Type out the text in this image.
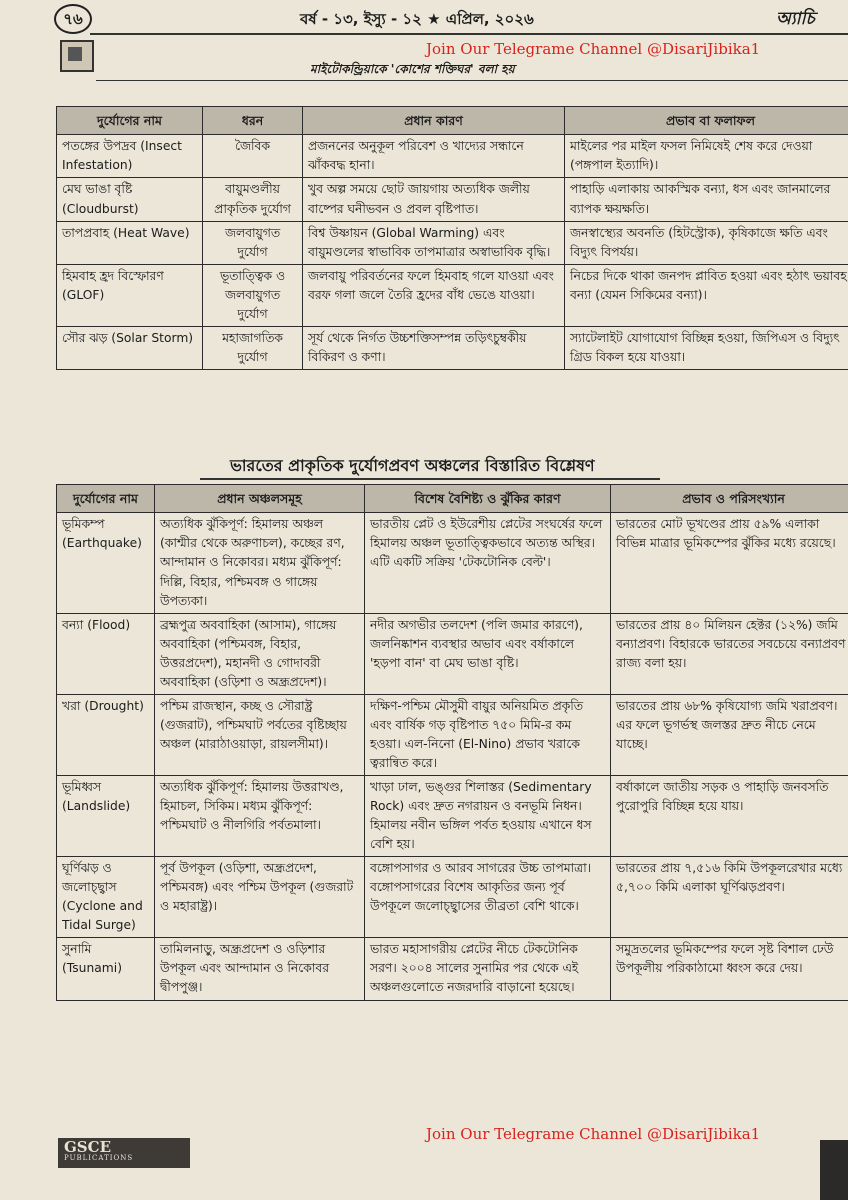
৭৬	বর্ষ - ১৩, ইস্যু - ১২ ★ এপ্রিল, ২০২৬	অ্যাচি
Join Our Telegrame Channel @DisariJibika1
মাইটোকন্ড্রিয়াকে 'কোশের শক্তিঘর' বলা হয়
দুর্যোগের নাম	ধরন	প্রধান কারণ	প্রভাব বা ফলাফল
পতঙ্গের উপদ্রব (Insect Infestation)	জৈবিক	প্রজননের অনুকূল পরিবেশ ও খাদ্যের সন্ধানে ঝাঁকবদ্ধ হানা।	মাইলের পর মাইল ফসল নিমিষেই শেষ করে দেওয়া (পঙ্গপাল ইত্যাদি)।
মেঘ ভাঙা বৃষ্টি (Cloudburst)	বায়ুমণ্ডলীয় প্রাকৃতিক দুর্যোগ	খুব অল্প সময়ে ছোট জায়গায় অত্যধিক জলীয় বাষ্পের ঘনীভবন ও প্রবল বৃষ্টিপাত।	পাহাড়ি এলাকায় আকস্মিক বন্যা, ধস এবং জানমালের ব্যাপক ক্ষয়ক্ষতি।
তাপপ্রবাহ (Heat Wave)	জলবায়ুগত দুর্যোগ	বিশ্ব উষ্ণায়ন (Global Warming) এবং বায়ুমণ্ডলের স্বাভাবিক তাপমাত্রার অস্বাভাবিক বৃদ্ধি।	জনস্বাস্থ্যের অবনতি (হিটস্ট্রোক), কৃষিকাজে ক্ষতি এবং বিদ্যুৎ বিপর্যয়।
হিমবাহ হ্রদ বিস্ফোরণ (GLOF)	ভূতাত্ত্বিক ও জলবায়ুগত দুর্যোগ	জলবায়ু পরিবর্তনের ফলে হিমবাহ গলে যাওয়া এবং বরফ গলা জলে তৈরি হ্রদের বাঁধ ভেঙে যাওয়া।	নিচের দিকে থাকা জনপদ প্লাবিত হওয়া এবং হঠাৎ ভয়াবহ বন্যা (যেমন সিকিমের বন্যা)।
সৌর ঝড় (Solar Storm)	মহাজাগতিক দুর্যোগ	সূর্য থেকে নির্গত উচ্চশক্তিসম্পন্ন তড়িৎচুম্বকীয় বিকিরণ ও কণা।	স্যাটেলাইট যোগাযোগ বিচ্ছিন্ন হওয়া, জিপিএস ও বিদ্যুৎ গ্রিড বিকল হয়ে যাওয়া।
ভারতের প্রাকৃতিক দুর্যোগপ্রবণ অঞ্চলের বিস্তারিত বিশ্লেষণ
দুর্যোগের নাম	প্রধান অঞ্চলসমূহ	বিশেষ বৈশিষ্ট্য ও ঝুঁকির কারণ	প্রভাব ও পরিসংখ্যান
ভূমিকম্প (Earthquake)	অত্যধিক ঝুঁকিপূর্ণ: হিমালয় অঞ্চল (কাশ্মীর থেকে অরুণাচল), কচ্ছের রণ, আন্দামান ও নিকোবর। মধ্যম ঝুঁকিপূর্ণ: দিল্লি, বিহার, পশ্চিমবঙ্গ ও গাঙ্গেয় উপত্যকা।	ভারতীয় প্লেট ও ইউরেশীয় প্লেটের সংঘর্ষের ফলে হিমালয় অঞ্চল ভূতাত্ত্বিকভাবে অত্যন্ত অস্থির। এটি একটি সক্রিয় 'টেকটোনিক বেল্ট'।	ভারতের মোট ভূখণ্ডের প্রায় ৫৯% এলাকা বিভিন্ন মাত্রার ভূমিকম্পের ঝুঁকির মধ্যে রয়েছে।
বন্যা (Flood)	ব্রহ্মপুত্র অববাহিকা (আসাম), গাঙ্গেয় অববাহিকা (পশ্চিমবঙ্গ, বিহার, উত্তরপ্রদেশ), মহানদী ও গোদাবরী অববাহিকা (ওড়িশা ও অন্ধ্রপ্রদেশ)।	নদীর অগভীর তলদেশ (পলি জমার কারণে), জলনিষ্কাশন ব্যবস্থার অভাব এবং বর্ষাকালে 'হড়পা বান' বা মেঘ ভাঙা বৃষ্টি।	ভারতের প্রায় ৪০ মিলিয়ন হেক্টর (১২%) জমি বন্যাপ্রবণ। বিহারকে ভারতের সবচেয়ে বন্যাপ্রবণ রাজ্য বলা হয়।
খরা (Drought)	পশ্চিম রাজস্থান, কচ্ছ ও সৌরাষ্ট্র (গুজরাট), পশ্চিমঘাট পর্বতের বৃষ্টিচ্ছায় অঞ্চল (মারাঠাওয়াড়া, রায়লসীমা)।	দক্ষিণ-পশ্চিম মৌসুমী বায়ুর অনিয়মিত প্রকৃতি এবং বার্ষিক গড় বৃষ্টিপাত ৭৫০ মিমি-র কম হওয়া। এল-নিনো (El-Nino) প্রভাব খরাকে ত্বরান্বিত করে।	ভারতের প্রায় ৬৮% কৃষিযোগ্য জমি খরাপ্রবণ। এর ফলে ভূগর্ভস্থ জলস্তর দ্রুত নীচে নেমে যাচ্ছে।
ভূমিধ্বস (Landslide)	অত্যধিক ঝুঁকিপূর্ণ: হিমালয় উত্তরাখণ্ড, হিমাচল, সিকিম। মধ্যম ঝুঁকিপূর্ণ: পশ্চিমঘাট ও নীলগিরি পর্বতমালা।	খাড়া ঢাল, ভঙ্গুর শিলাস্তর (Sedimentary Rock) এবং দ্রুত নগরায়ন ও বনভূমি নিধন। হিমালয় নবীন ভঙ্গিল পর্বত হওয়ায় এখানে ধস বেশি হয়।	বর্ষাকালে জাতীয় সড়ক ও পাহাড়ি জনবসতি পুরোপুরি বিচ্ছিন্ন হয়ে যায়।
ঘূর্ণিঝড় ও জলোচ্ছ্বাস (Cyclone and Tidal Surge)	পূর্ব উপকূল (ওড়িশা, অন্ধ্রপ্রদেশ, পশ্চিমবঙ্গ) এবং পশ্চিম উপকূল (গুজরাট ও মহারাষ্ট্র)।	বঙ্গোপসাগর ও আরব সাগরের উচ্চ তাপমাত্রা। বঙ্গোপসাগরের বিশেষ আকৃতির জন্য পূর্ব উপকূলে জলোচ্ছ্বাসের তীব্রতা বেশি থাকে।	ভারতের প্রায় ৭,৫১৬ কিমি উপকূলরেখার মধ্যে ৫,৭০০ কিমি এলাকা ঘূর্ণিঝড়প্রবণ।
সুনামি (Tsunami)	তামিলনাড়ু, অন্ধ্রপ্রদেশ ও ওড়িশার উপকূল এবং আন্দামান ও নিকোবর দ্বীপপুঞ্জ।	ভারত মহাসাগরীয় প্লেটের নীচে টেকটোনিক সরণ। ২০০৪ সালের সুনামির পর থেকে এই অঞ্চলগুলোতে নজরদারি বাড়ানো হয়েছে।	সমুদ্রতলের ভূমিকম্পের ফলে সৃষ্ট বিশাল ঢেউ উপকূলীয় পরিকাঠামো ধ্বংস করে দেয়।
Join Our Telegrame Channel @DisariJibika1
GSCE
PUBLICATIONS
